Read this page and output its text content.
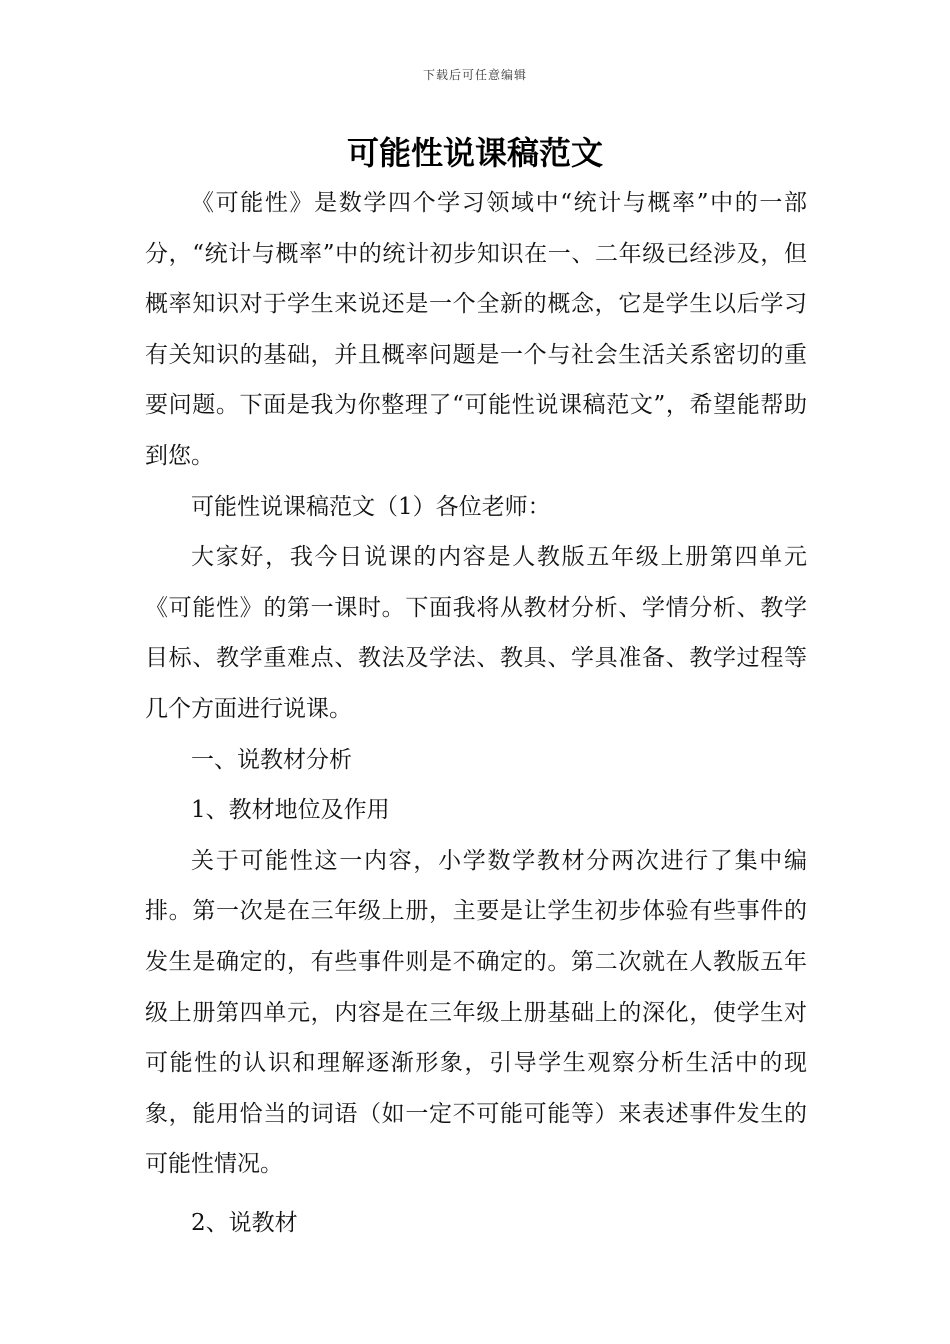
下载后可任意编辑
可能性说课稿范文

《可能性》是数学四个学习领域中“统计与概率”中的一部分，“统计与概率”中的统计初步知识在一、二年级已经涉及，但概率知识对于学生来说还是一个全新的概念，它是学生以后学习有关知识的基础，并且概率问题是一个与社会生活关系密切的重要问题。下面是我为你整理了“可能性说课稿范文”，希望能帮助到您。

可能性说课稿范文（1）各位老师：

大家好，我今日说课的内容是人教版五年级上册第四单元《可能性》的第一课时。下面我将从教材分析、学情分析、教学目标、教学重难点、教法及学法、教具、学具准备、教学过程等几个方面进行说课。

一、说教材分析

1、教材地位及作用

关于可能性这一内容，小学数学教材分两次进行了集中编排。第一次是在三年级上册，主要是让学生初步体验有些事件的发生是确定的，有些事件则是不确定的。第二次就在人教版五年级上册第四单元，内容是在三年级上册基础上的深化，使学生对可能性的认识和理解逐渐形象，引导学生观察分析生活中的现象，能用恰当的词语（如一定不可能可能等）来表述事件发生的可能性情况。

2、说教材
